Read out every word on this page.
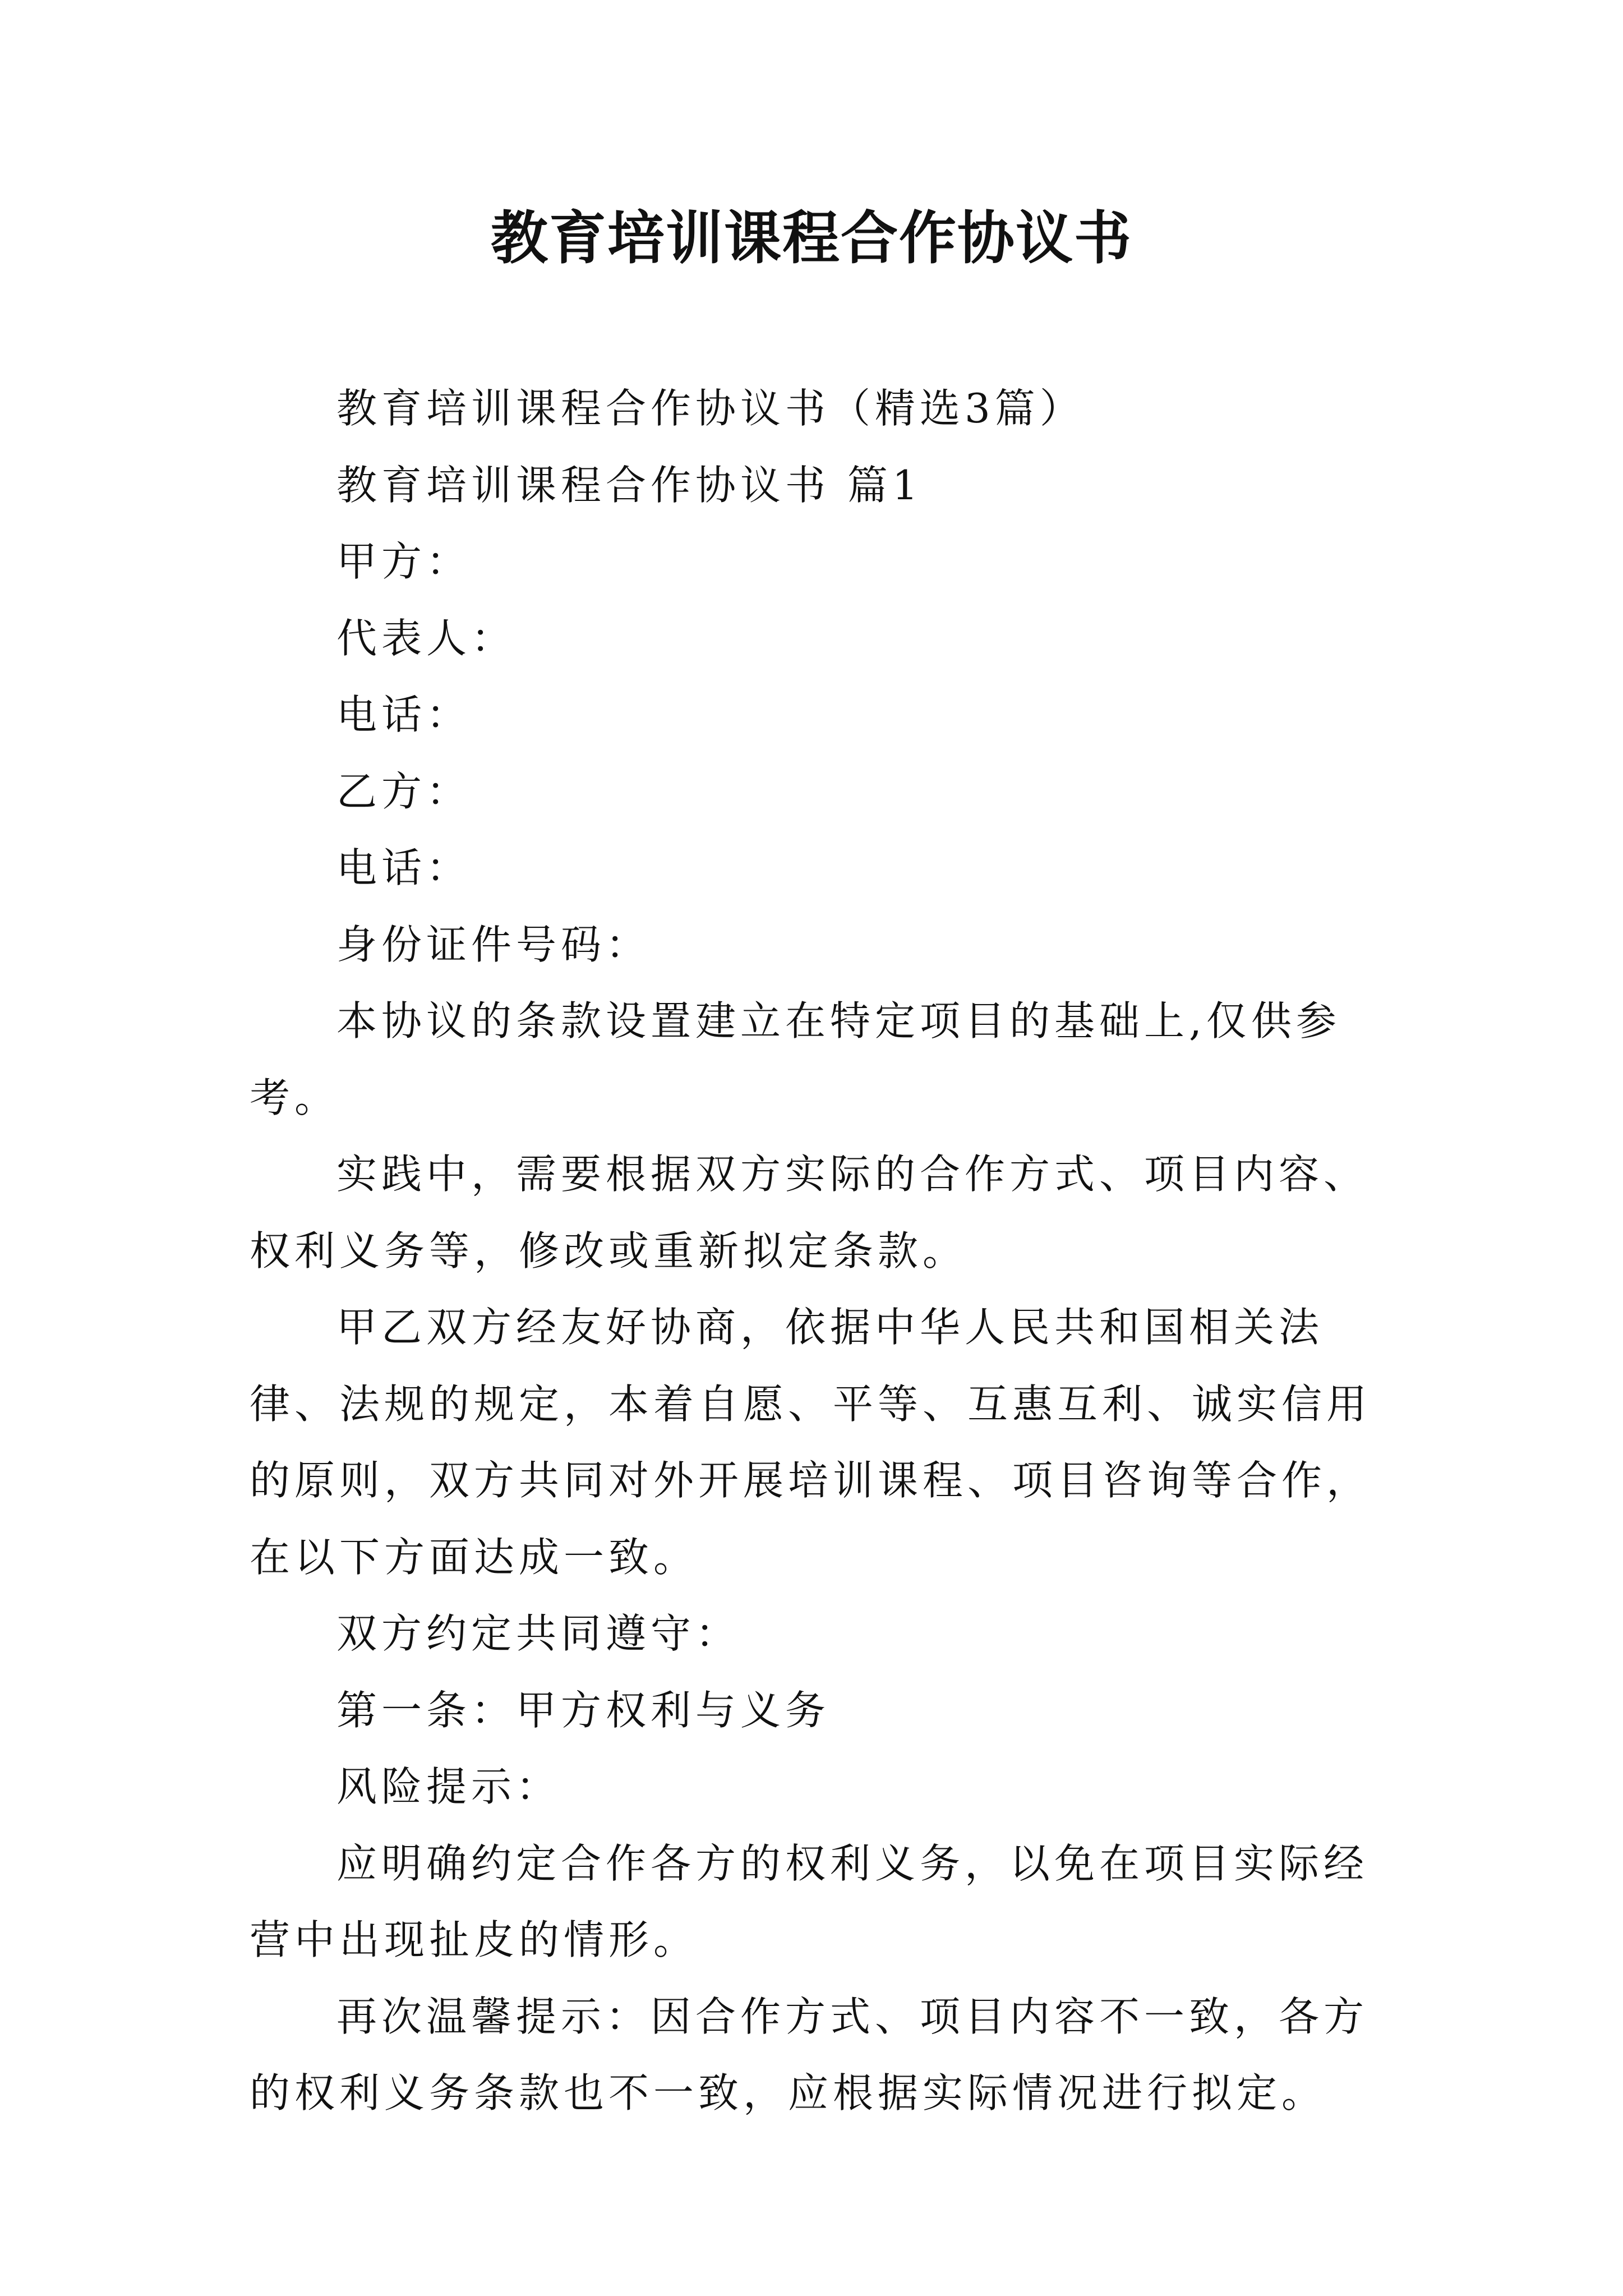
教育培训课程合作协议书

教育培训课程合作协议书（精选3篇）

教育培训课程合作协议书 篇1

甲方：

代表人：

电话：

乙方：

电话：

身份证件号码：

本协议的条款设置建立在特定项目的基础上,仅供参考。

实践中，需要根据双方实际的合作方式、项目内容、权利义务等，修改或重新拟定条款。

甲乙双方经友好协商，依据中华人民共和国相关法律、法规的规定，本着自愿、平等、互惠互利、诚实信用的原则，双方共同对外开展培训课程、项目咨询等合作，在以下方面达成一致。

双方约定共同遵守：

第一条：甲方权利与义务

风险提示：

应明确约定合作各方的权利义务，以免在项目实际经营中出现扯皮的情形。

再次温馨提示：因合作方式、项目内容不一致，各方的权利义务条款也不一致，应根据实际情况进行拟定。
